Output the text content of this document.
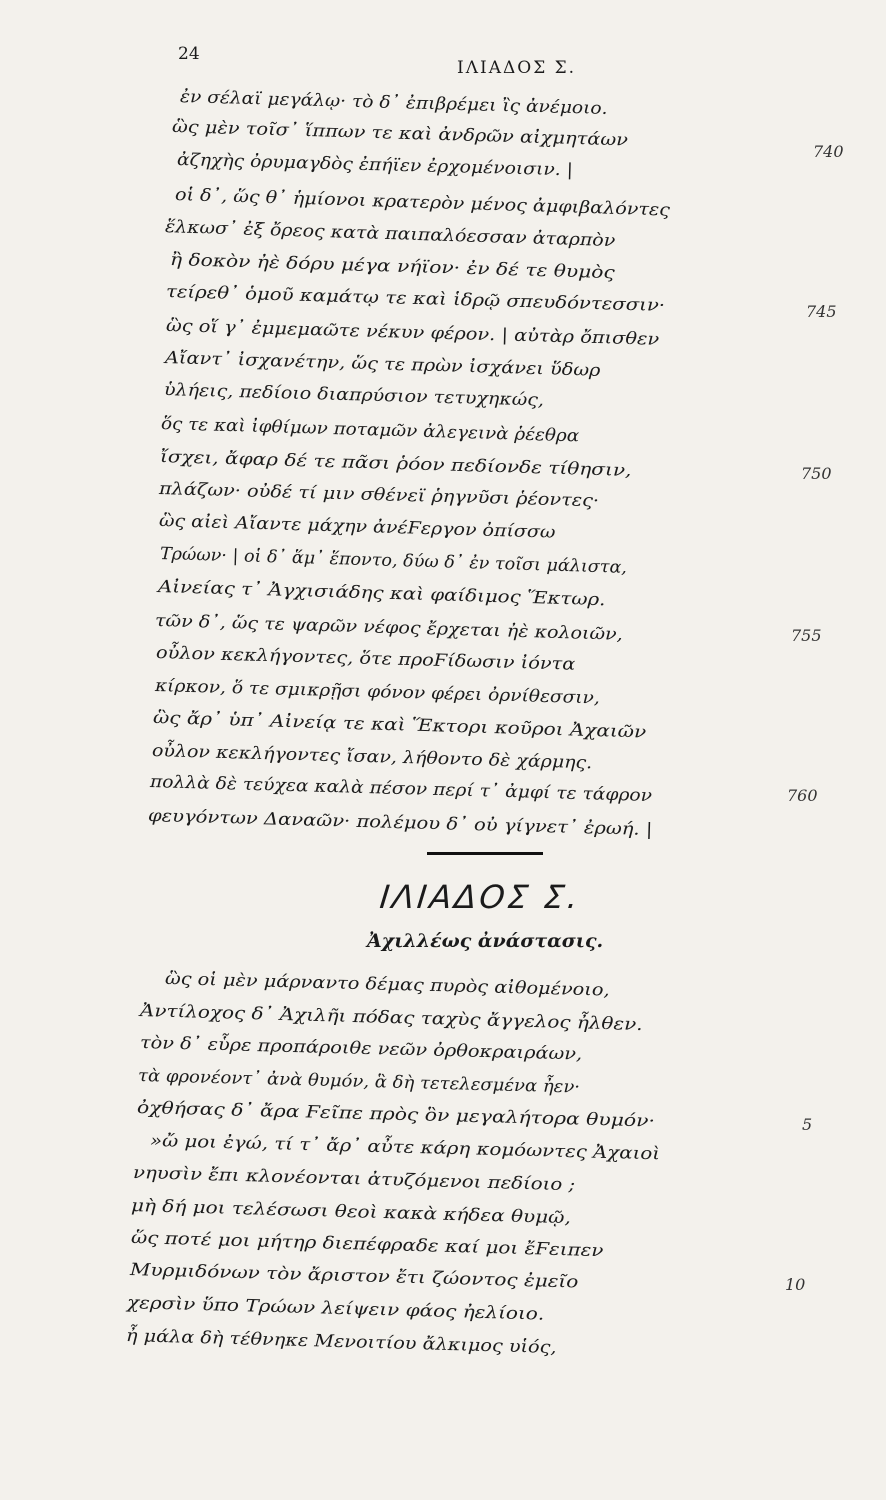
24
ΙΛΙΑΔΟΣ Σ.
ἐν σέλαϊ μεγάλῳ· τὸ δ᾽ ἐπιβρέμει ἲς ἀνέμοιο.
ὣς μὲν τοῖσ᾽ ἵππων τε καὶ ἀνδρῶν αἰχμητάων
ἀζηχὴς ὀρυμαγδὸς ἐπήϊεν ἐρχομένοισιν. |
οἱ δ᾽, ὥς θ᾽ ἡμίονοι κρατερὸν μένος ἀμφιβαλόντες
ἕλκωσ᾽ ἐξ ὄρεος κατὰ παιπαλόεσσαν ἀταρπὸν
ἢ δοκὸν ἠὲ δόρυ μέγα νήϊον· ἐν δέ τε θυμὸς
τείρεθ᾽ ὁμοῦ καμάτῳ τε καὶ ἱδρῷ σπευδόντεσσιν·
ὣς οἵ γ᾽ ἐμμεμαῶτε νέκυν φέρον. | αὐτὰρ ὄπισθεν
Αἴαντ᾽ ἰσχανέτην, ὥς τε πρὼν ἰσχάνει ὕδωρ
ὑλήεις, πεδίοιο διαπρύσιον τετυχηκώς,
ὅς τε καὶ ἰφθίμων ποταμῶν ἀλεγεινὰ ῥέεθρα
ἴσχει, ἄφαρ δέ τε πᾶσι ῥόον πεδίονδε τίθησιν,
πλάζων· οὐδέ τί μιν σθένεϊ ῥηγνῦσι ῥέοντες·
ὣς αἰεὶ Αἴαντε μάχην ἀνέϜεργον ὀπίσσω
Τρώων· | οἱ δ᾽ ἅμ᾽ ἕποντο, δύω δ᾽ ἐν τοῖσι μάλιστα,
Αἰνείας τ᾽ Ἀγχισιάδης καὶ φαίδιμος Ἕκτωρ.
τῶν δ᾽, ὥς τε ψαρῶν νέφος ἔρχεται ἠὲ κολοιῶν,
οὖλον κεκλήγοντες, ὅτε προϜίδωσιν ἰόντα
κίρκον, ὅ τε σμικρῇσι φόνον φέρει ὀρνίθεσσιν,
ὣς ἄρ᾽ ὑπ᾽ Αἰνείᾳ τε καὶ Ἕκτορι κοῦροι Ἀχαιῶν
οὖλον κεκλήγοντες ἴσαν, λήθοντο δὲ χάρμης.
πολλὰ δὲ τεύχεα καλὰ πέσον περί τ᾽ ἀμφί τε τάφρον
φευγόντων Δαναῶν· πολέμου δ᾽ οὐ γίγνετ᾽ ἐρωή. |
740
745
750
755
760
ΙΛΙΑΔΟΣ Σ.
Ἀχιλλέως ἀνάστασις.
ὣς οἱ μὲν μάρναντο δέμας πυρὸς αἰθομένοιο,
Ἀντίλοχος δ᾽ Ἀχιλῆι πόδας ταχὺς ἄγγελος ἦλθεν.
τὸν δ᾽ εὗρε προπάροιθε νεῶν ὀρθοκραιράων,
τὰ φρονέοντ᾽ ἀνὰ θυμόν, ἃ δὴ τετελεσμένα ἦεν·
ὀχθήσας δ᾽ ἄρα Ϝεῖπε πρὸς ὃν μεγαλήτορα θυμόν·
»ὤ μοι ἐγώ, τί τ᾽ ἄρ᾽ αὖτε κάρη κομόωντες Ἀχαιοὶ
νηυσὶν ἔπι κλονέονται ἀτυζόμενοι πεδίοιο ;
μὴ δή μοι τελέσωσι θεοὶ κακὰ κήδεα θυμῷ,
ὥς ποτέ μοι μήτηρ διεπέφραδε καί μοι ἔϜειπεν
Μυρμιδόνων τὸν ἄριστον ἔτι ζώοντος ἐμεῖο
χερσὶν ὕπο Τρώων λείψειν φάος ἠελίοιο.
ἦ μάλα δὴ τέθνηκε Μενοιτίου ἄλκιμος υἱός,
5
10
